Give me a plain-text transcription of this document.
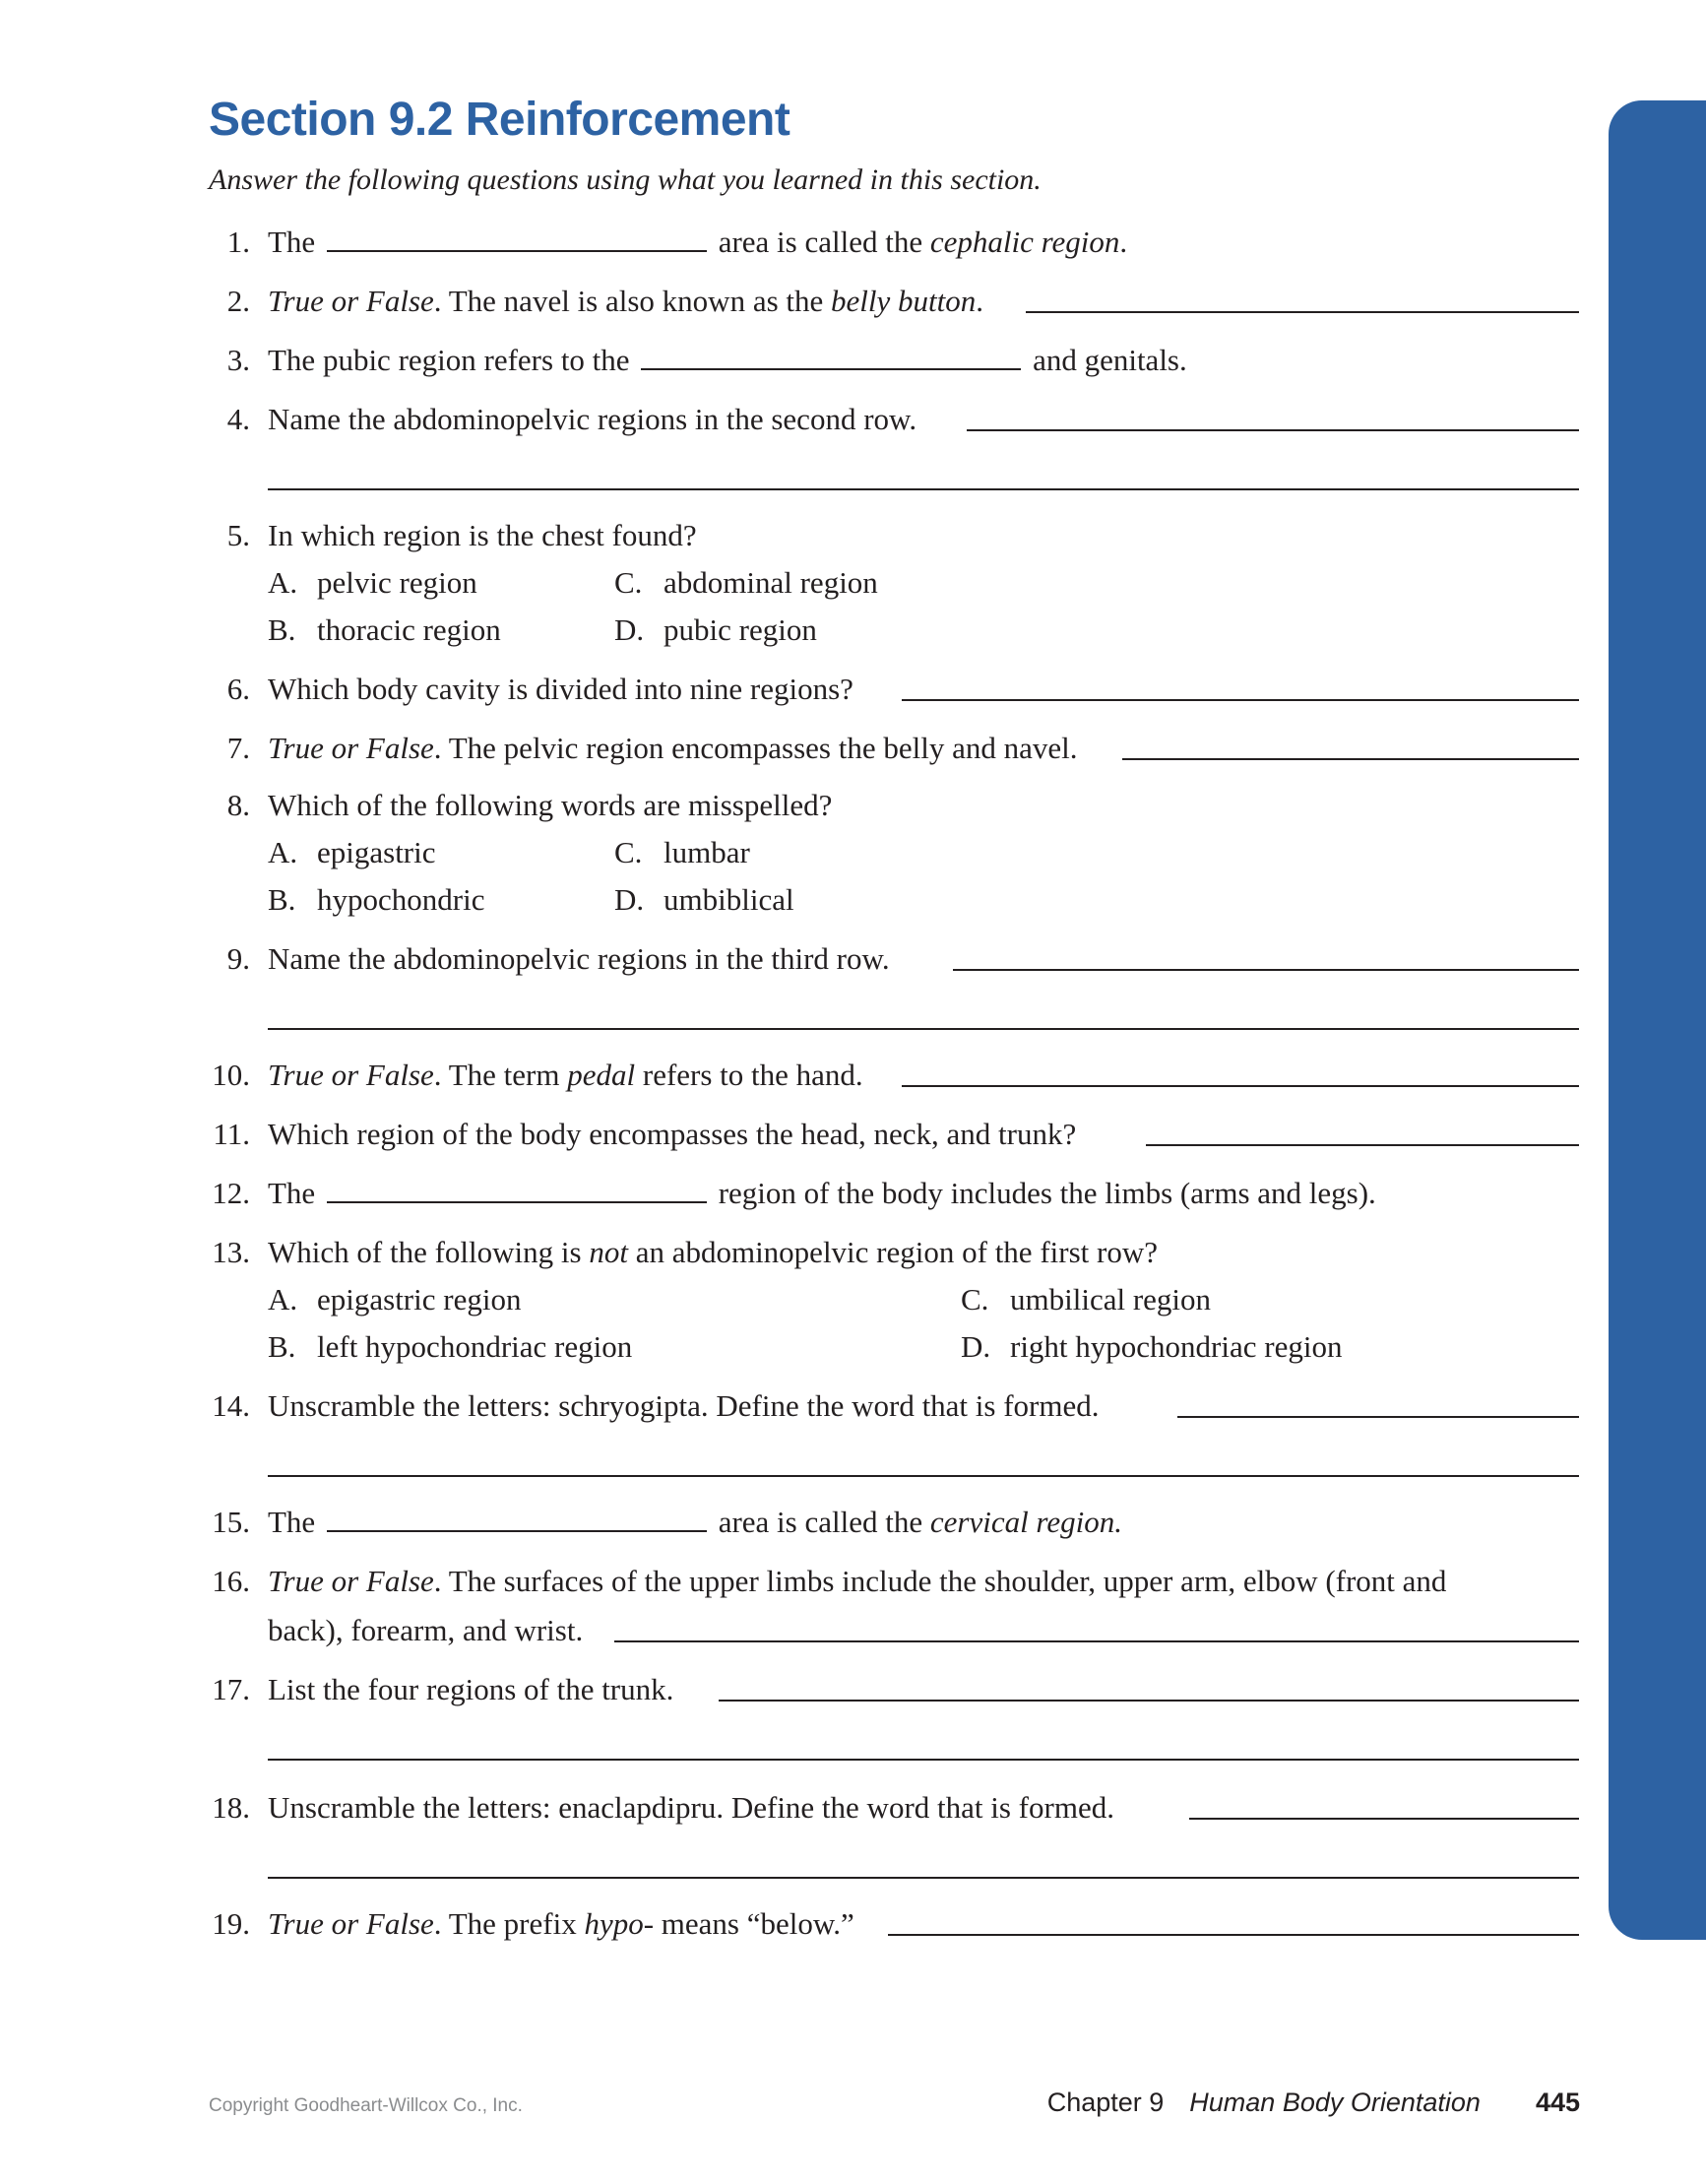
Section 9.2 Reinforcement
Answer the following questions using what you learned in this section.
1. The	area is called the cephalic region.
2. True or False. The navel is also known as the belly button.
3. The pubic region refers to the	and genitals.
4. Name the abdominopelvic regions in the second row.
5. In which region is the chest found?
A. pelvic region
B. thoracic region
C. abdominal region
D. pubic region
6. Which body cavity is divided into nine regions?
7. True or False. The pelvic region encompasses the belly and navel.
8. Which of the following words are misspelled?
A. epigastric
B. hypochondric
C. lumbar
D. umbiblical
9. Name the abdominopelvic regions in the third row.
10. True or False. The term pedal refers to the hand.
11. Which region of the body encompasses the head, neck, and trunk?
12. The	region of the body includes the limbs (arms and legs).
13. Which of the following is not an abdominopelvic region of the first row?
A. epigastric region
B. left hypochondriac region
C. umbilical region
D. right hypochondriac region
14. Unscramble the letters: schryogipta. Define the word that is formed.
15. The	area is called the cervical region.
16. True or False. The surfaces of the upper limbs include the shoulder, upper arm, elbow (front and
back), forearm, and wrist.
17. List the four regions of the trunk.
18. Unscramble the letters: enaclapdipru. Define the word that is formed.
19. True or False. The prefix hypo- means “below.”
Copyright Goodheart-Willcox Co., Inc.	Chapter 9 Human Body Orientation 445
